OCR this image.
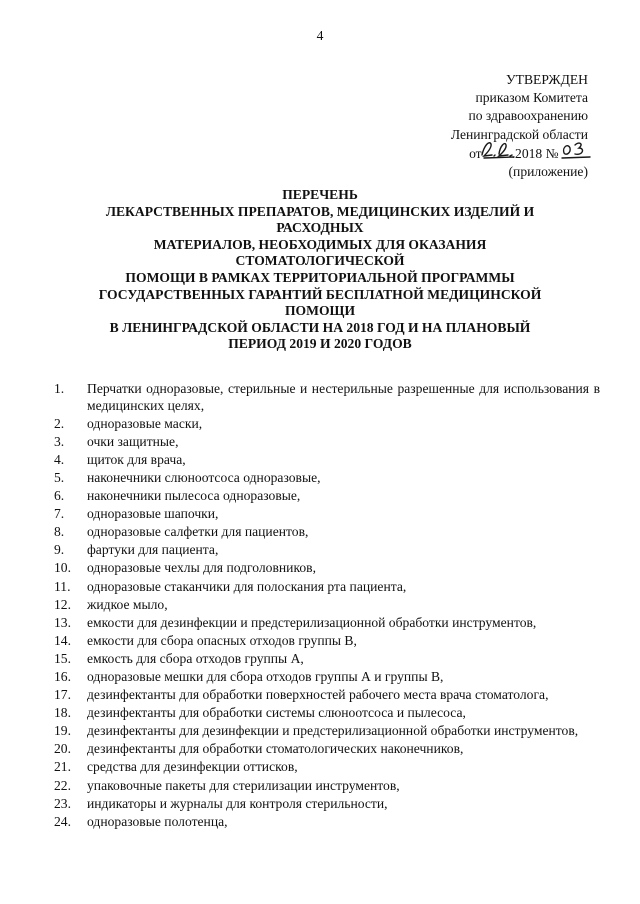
4
УТВЕРЖДЕН
приказом Комитета
по здравоохранению
Ленинградской области
от .2018 №
(приложение)
ПЕРЕЧЕНЬ
ЛЕКАРСТВЕННЫХ ПРЕПАРАТОВ, МЕДИЦИНСКИХ ИЗДЕЛИЙ И
РАСХОДНЫХ
МАТЕРИАЛОВ, НЕОБХОДИМЫХ ДЛЯ ОКАЗАНИЯ
СТОМАТОЛОГИЧЕСКОЙ
ПОМОЩИ В РАМКАХ ТЕРРИТОРИАЛЬНОЙ ПРОГРАММЫ
ГОСУДАРСТВЕННЫХ ГАРАНТИЙ БЕСПЛАТНОЙ МЕДИЦИНСКОЙ
ПОМОЩИ
В ЛЕНИНГРАДСКОЙ ОБЛАСТИ НА 2018 ГОД И НА ПЛАНОВЫЙ
ПЕРИОД 2019 И 2020 ГОДОВ
1. Перчатки одноразовые, стерильные и нестерильные разрешенные для использования в медицинских целях,
2. одноразовые маски,
3. очки защитные,
4. щиток для врача,
5. наконечники слюноотсоса одноразовые,
6. наконечники пылесоса одноразовые,
7. одноразовые шапочки,
8. одноразовые салфетки для пациентов,
9. фартуки для пациента,
10. одноразовые чехлы для подголовников,
11. одноразовые стаканчики для полоскания рта пациента,
12. жидкое мыло,
13. емкости для дезинфекции и предстерилизационной обработки инструментов,
14. емкости для сбора опасных отходов группы В,
15. емкость для сбора отходов группы А,
16. одноразовые мешки для сбора отходов группы А и группы В,
17. дезинфектанты для обработки поверхностей рабочего места врача стоматолога,
18. дезинфектанты для обработки системы слюноотсоса и пылесоса,
19. дезинфектанты для дезинфекции и предстерилизационной обработки инструментов,
20. дезинфектанты для обработки стоматологических наконечников,
21. средства для дезинфекции оттисков,
22. упаковочные пакеты для стерилизации инструментов,
23. индикаторы и журналы для контроля стерильности,
24. одноразовые полотенца,
